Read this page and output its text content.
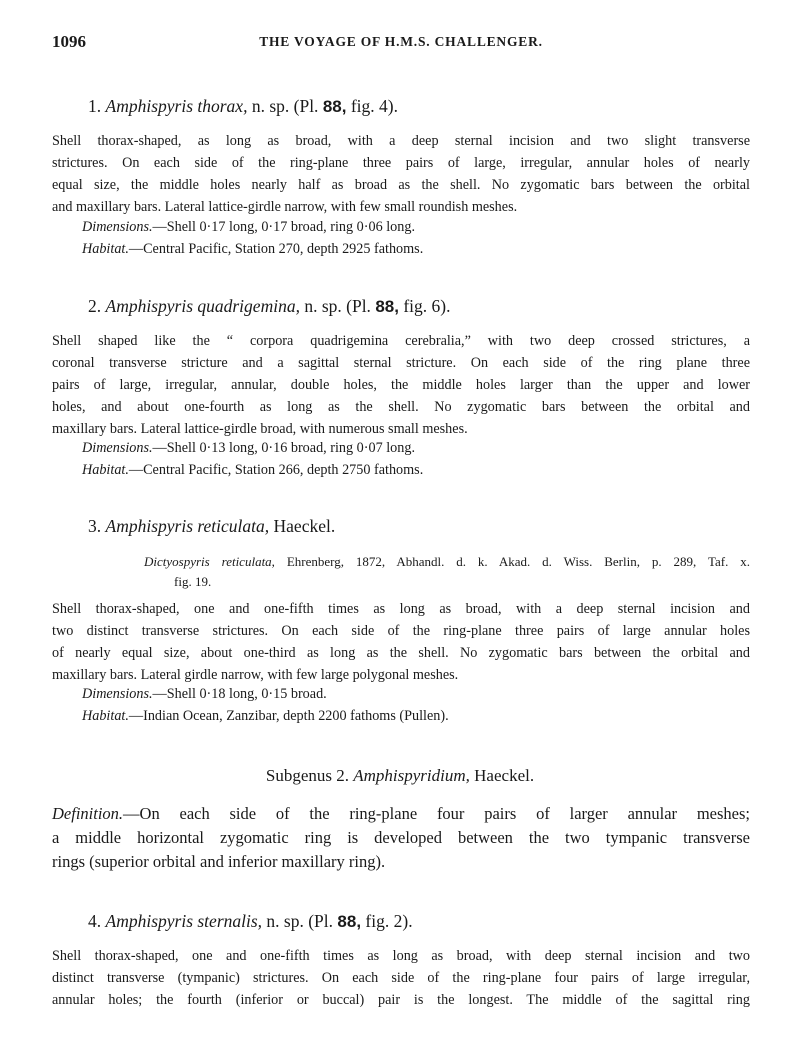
1096	THE VOYAGE OF H.M.S. CHALLENGER.
1. Amphispyris thorax, n. sp. (Pl. 88, fig. 4).
Shell thorax-shaped, as long as broad, with a deep sternal incision and two slight transverse
strictures. On each side of the ring-plane three pairs of large, irregular, annular holes of nearly
equal size, the middle holes nearly half as broad as the shell. No zygomatic bars between the orbital
and maxillary bars. Lateral lattice-girdle narrow, with few small roundish meshes.
Dimensions.—Shell 0·17 long, 0·17 broad, ring 0·06 long.
Habitat.—Central Pacific, Station 270, depth 2925 fathoms.
2. Amphispyris quadrigemina, n. sp. (Pl. 88, fig. 6).
Shell shaped like the “ corpora quadrigemina cerebralia,” with two deep crossed strictures, a
coronal transverse stricture and a sagittal sternal stricture. On each side of the ring plane three
pairs of large, irregular, annular, double holes, the middle holes larger than the upper and lower
holes, and about one-fourth as long as the shell. No zygomatic bars between the orbital and
maxillary bars. Lateral lattice-girdle broad, with numerous small meshes.
Dimensions.—Shell 0·13 long, 0·16 broad, ring 0·07 long.
Habitat.—Central Pacific, Station 266, depth 2750 fathoms.
3. Amphispyris reticulata, Haeckel.
Dictyospyris reticulata, Ehrenberg, 1872, Abhandl. d. k. Akad. d. Wiss. Berlin, p. 289, Taf. x.
fig. 19.
Shell thorax-shaped, one and one-fifth times as long as broad, with a deep sternal incision and
two distinct transverse strictures. On each side of the ring-plane three pairs of large annular holes
of nearly equal size, about one-third as long as the shell. No zygomatic bars between the orbital and
maxillary bars. Lateral girdle narrow, with few large polygonal meshes.
Dimensions.—Shell 0·18 long, 0·15 broad.
Habitat.—Indian Ocean, Zanzibar, depth 2200 fathoms (Pullen).
Subgenus 2. Amphispyridium, Haeckel.
Definition.—On each side of the ring-plane four pairs of larger annular meshes;
a middle horizontal zygomatic ring is developed between the two tympanic transverse
rings (superior orbital and inferior maxillary ring).
4. Amphispyris sternalis, n. sp. (Pl. 88, fig. 2).
Shell thorax-shaped, one and one-fifth times as long as broad, with deep sternal incision and two
distinct transverse (tympanic) strictures. On each side of the ring-plane four pairs of large irregular,
annular holes; the fourth (inferior or buccal) pair is the longest. The middle of the sagittal ring
